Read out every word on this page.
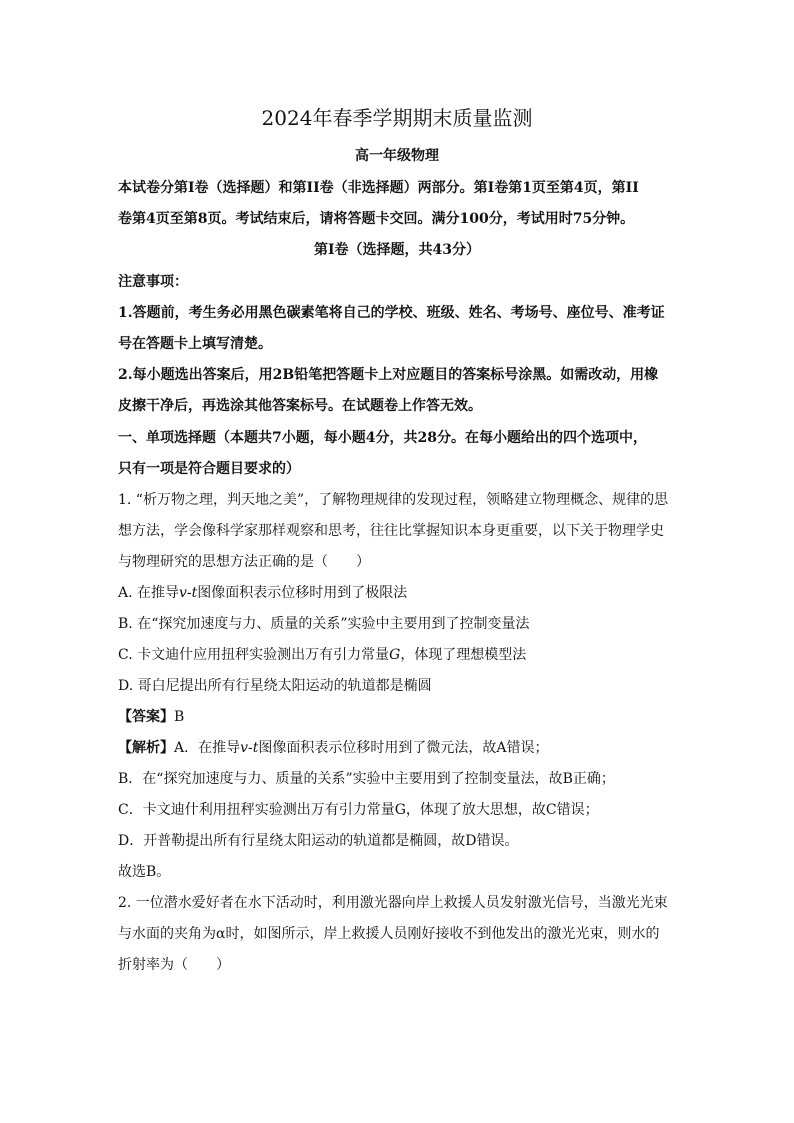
2024年春季学期期末质量监测
高一年级物理
本试卷分第I卷（选择题）和第II卷（非选择题）两部分。第I卷第1页至第4页，第II
卷第4页至第8页。考试结束后，请将答题卡交回。满分100分，考试用时75分钟。
第I卷（选择题，共43分）
注意事项：
1.答题前，考生务必用黑色碳素笔将自己的学校、班级、姓名、考场号、座位号、准考证
号在答题卡上填写清楚。
2.每小题选出答案后，用2B铅笔把答题卡上对应题目的答案标号涂黑。如需改动，用橡
皮擦干净后，再选涂其他答案标号。在试题卷上作答无效。
一、单项选择题（本题共7小题，每小题4分，共28分。在每小题给出的四个选项中，
只有一项是符合题目要求的）
1. “析万物之理，判天地之美”，了解物理规律的发现过程，领略建立物理概念、规律的思
想方法，学会像科学家那样观察和思考，往往比掌握知识本身更重要，以下关于物理学史
与物理研究的思想方法正确的是（　　）
A. 在推导v-t图像面积表示位移时用到了极限法
B. 在“探究加速度与力、质量的关系”实验中主要用到了控制变量法
C. 卡文迪什应用扭秤实验测出万有引力常量G，体现了理想模型法
D. 哥白尼提出所有行星绕太阳运动的轨道都是椭圆
【答案】B
【解析】A．在推导v-t图像面积表示位移时用到了微元法，故A错误；
B．在“探究加速度与力、质量的关系”实验中主要用到了控制变量法，故B正确；
C．卡文迪什利用扭秤实验测出万有引力常量G，体现了放大思想，故C错误；
D．开普勒提出所有行星绕太阳运动的轨道都是椭圆，故D错误。
故选B。
2. 一位潜水爱好者在水下活动时，利用激光器向岸上救援人员发射激光信号，当激光光束
与水面的夹角为α时，如图所示，岸上救援人员刚好接收不到他发出的激光光束，则水的
折射率为（　　）
